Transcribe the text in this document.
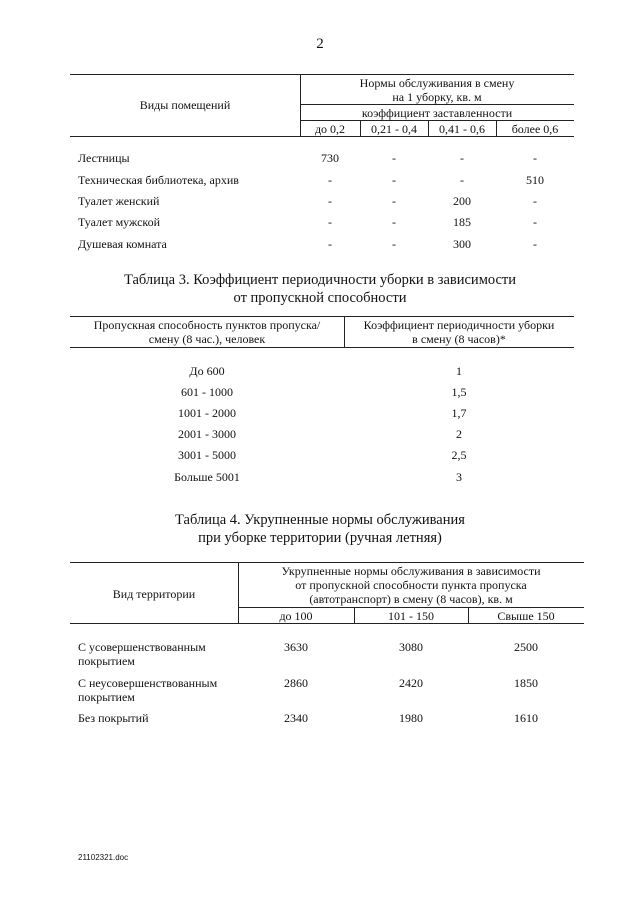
2
Виды помещений
Нормы обслуживания в смену
на 1 уборку, кв. м
коэффициент заставленности
до 0,2	0,21 - 0,4	0,41 - 0,6	более 0,6
Лестницы	730	-	-	-
Техническая библиотека, архив	-	-	-	510
Туалет женский	-	-	200	-
Туалет мужской	-	-	185	-
Душевая комната	-	-	300	-
Таблица 3. Коэффициент периодичности уборки в зависимости
от пропускной способности
Пропускная способность пунктов пропуска/
смену (8 час.), человек
Коэффициент периодичности уборки
в смену (8 часов)*
До 600	1
601 - 1000	1,5
1001 - 2000	1,7
2001 - 3000	2
3001 - 5000	2,5
Больше 5001	3
Таблица 4. Укрупненные нормы обслуживания
при уборке территории (ручная летняя)
Вид территории
Укрупненные нормы обслуживания в зависимости
от пропускной способности пункта пропуска
(автотранспорт) в смену (8 часов), кв. м
до 100	101 - 150	Свыше 150
С усовершенствованным
покрытием
3630	3080	2500
С неусовершенствованным
покрытием
2860	2420	1850
Без покрытий	2340	1980	1610
21102321.doc
